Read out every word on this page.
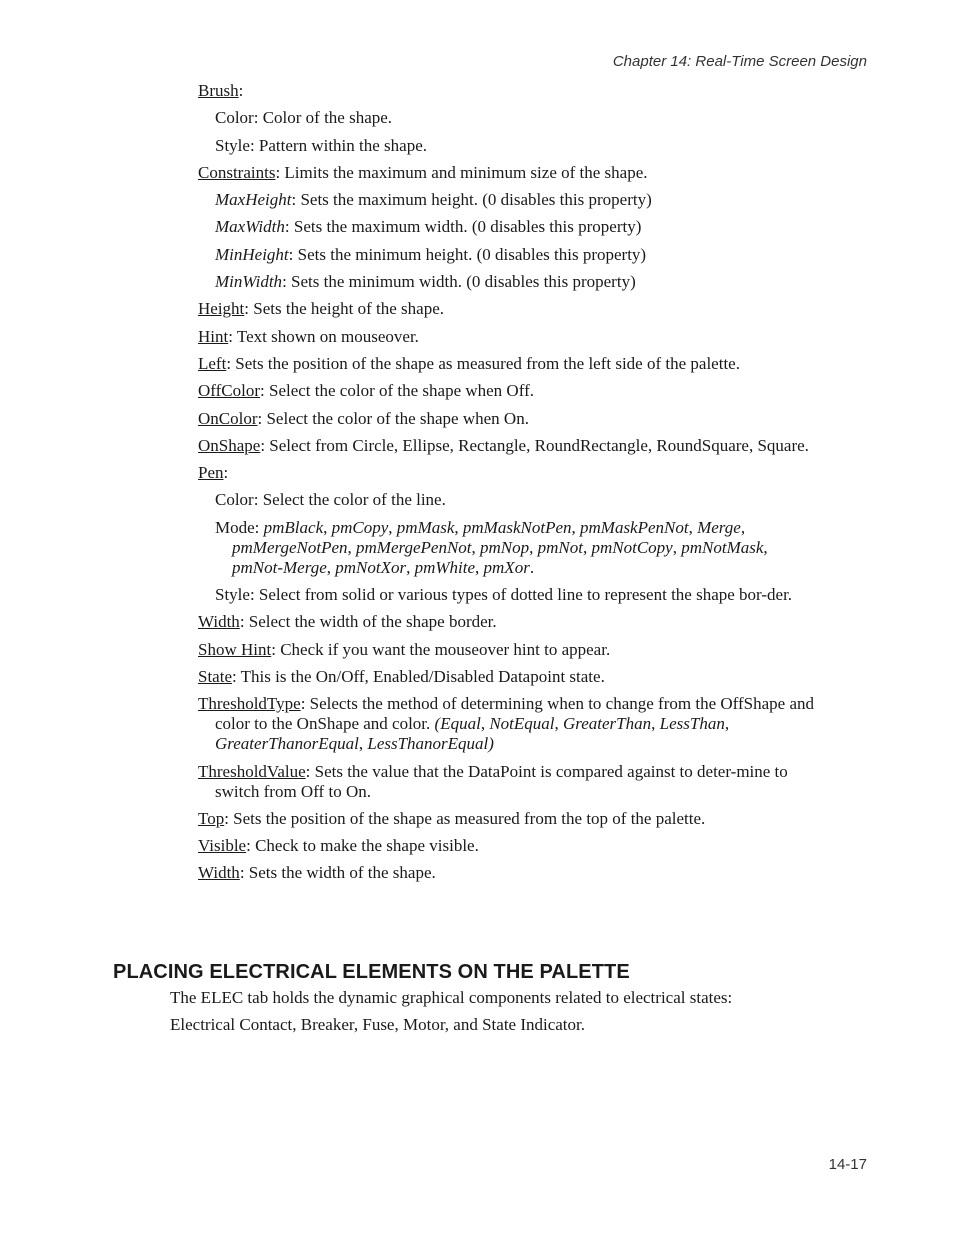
Chapter 14: Real-Time Screen Design

Brush:

Color: Color of the shape.

Style: Pattern within the shape.

Constraints: Limits the maximum and minimum size of the shape.

MaxHeight: Sets the maximum height. (0 disables this property)

MaxWidth: Sets the maximum width. (0 disables this property)

MinHeight: Sets the minimum height. (0 disables this property)

MinWidth: Sets the minimum width. (0 disables this property)

Height: Sets the height of the shape.

Hint: Text shown on mouseover.

Left: Sets the position of the shape as measured from the left side of the palette.

OffColor: Select the color of the shape when Off.

OnColor: Select the color of the shape when On.

OnShape: Select from Circle, Ellipse, Rectangle, RoundRectangle, RoundSquare, Square.

Pen:

Color: Select the color of the line.

Mode: pmBlack, pmCopy, pmMask, pmMaskNotPen, pmMaskPenNot, Merge, pmMergeNotPen, pmMergePenNot, pmNop, pmNot, pmNotCopy, pmNotMask, pmNot-Merge, pmNotXor, pmWhite, pmXor.

Style: Select from solid or various types of dotted line to represent the shape bor-der.

Width: Select the width of the shape border.

Show Hint: Check if you want the mouseover hint to appear.

State: This is the On/Off, Enabled/Disabled Datapoint state.

ThresholdType: Selects the method of determining when to change from the OffShape and color to the OnShape and color. (Equal, NotEqual, GreaterThan, LessThan, GreaterThanorEqual, LessThanorEqual)

ThresholdValue: Sets the value that the DataPoint is compared against to deter-mine to switch from Off to On.

Top: Sets the position of the shape as measured from the top of the palette.

Visible: Check to make the shape visible.

Width: Sets the width of the shape.

PLACING ELECTRICAL ELEMENTS ON THE PALETTE

The ELEC tab holds the dynamic graphical components related to electrical states:

Electrical Contact, Breaker, Fuse, Motor, and State Indicator.

14-17
